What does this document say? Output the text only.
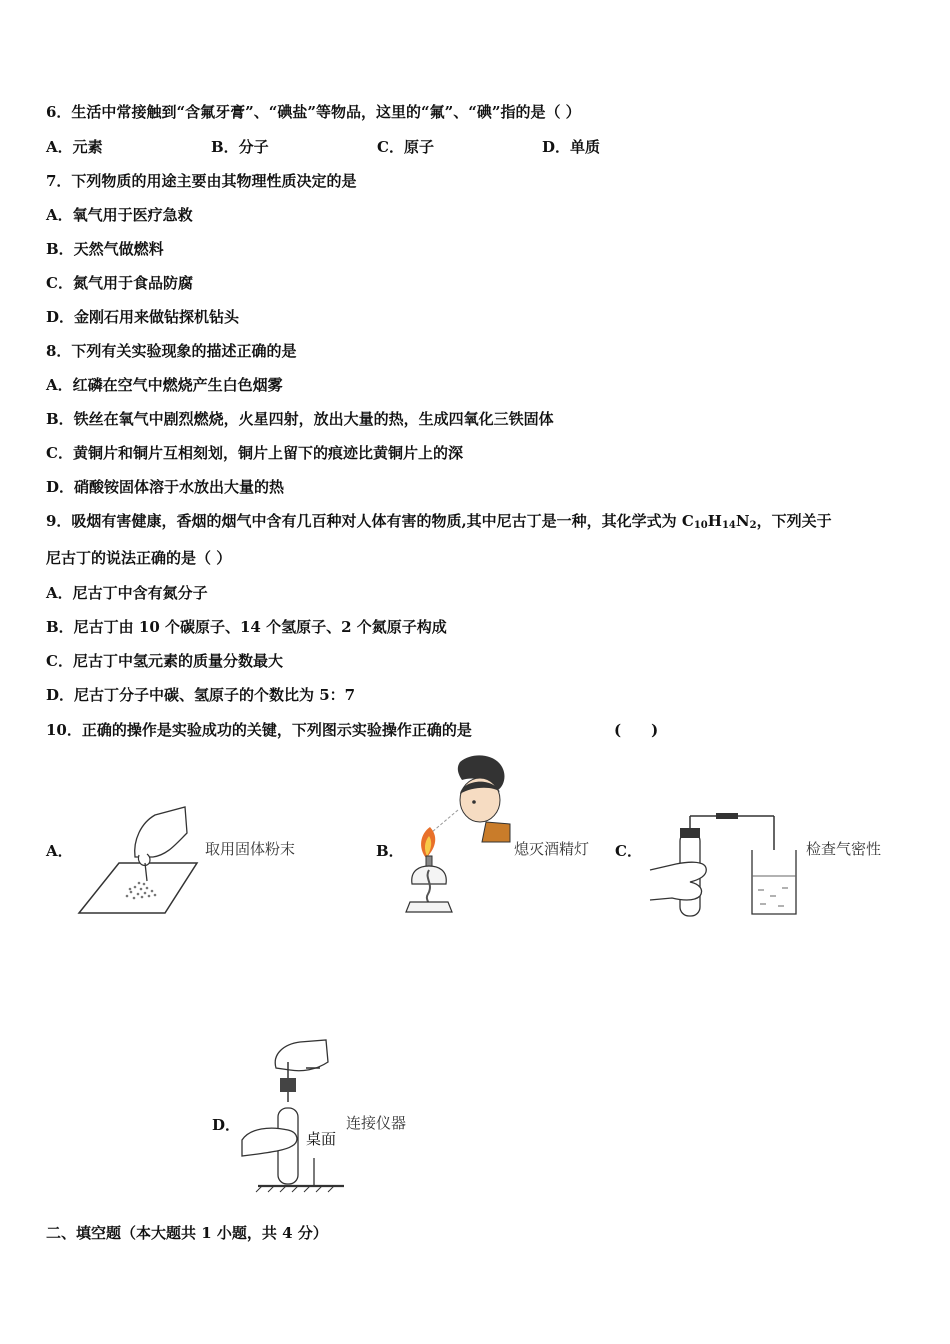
6．生活中常接触到“含氟牙膏”、“碘盐”等物品，这里的“氟”、“碘”指的是（ ）
A．元素	B．分子	C．原子	D．单质
7．下列物质的用途主要由其物理性质决定的是
A．氧气用于医疗急救
B．天然气做燃料
C．氮气用于食品防腐
D．金刚石用来做钻探机钻头
8．下列有关实验现象的描述正确的是
A．红磷在空气中燃烧产生白色烟雾
B．铁丝在氧气中剧烈燃烧，火星四射，放出大量的热，生成四氧化三铁固体
C．黄铜片和铜片互相刻划，铜片上留下的痕迹比黄铜片上的深
D．硝酸铵固体溶于水放出大量的热
9．吸烟有害健康，香烟的烟气中含有几百种对人体有害的物质,其中尼古丁是一种，其化学式为 $C_{10}H_{14}N_2$，下列关于
尼古丁的说法正确的是（ ）
A．尼古丁中含有氮分子
B．尼古丁由 10 个碳原子、14 个氢原子、2 个氮原子构成
C．尼古丁中氢元素的质量分数最大
D．尼古丁分子中碳、氢原子的个数比为 5：7
10．正确的操作是实验成功的关键，下列图示实验操作正确的是	(　　)
A．	取用固体粉末	B．	熄灭酒精灯 C．	检查气密性
D．
桌面
连接仪器
二、填空题（本大题共 1 小题，共 4 分）
